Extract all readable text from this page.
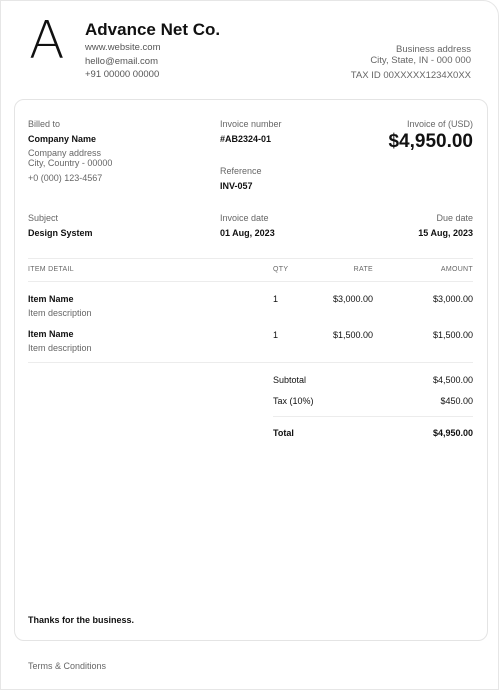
A Advance Net Co.
www.website.com
hello@email.com
+91 00000 00000
Business address
City, State, IN - 000 000
TAX ID 00XXXXX1234X0XX
Billed to
Company Name
Company address
City, Country - 00000
+0 (000) 123-4567
Invoice number
#AB2324-01
Reference
INV-057
Invoice of (USD)
$4,950.00
Subject
Design System
Invoice date
01 Aug, 2023
Due date
15 Aug, 2023
ITEM DETAIL	QTY	RATE	AMOUNT
Item Name
Item description
1	$3,000.00	$3,000.00
Item Name
Item description
1	$1,500.00	$1,500.00
Subtotal	$4,500.00
Tax (10%)	$450.00
Total	$4,950.00
Thanks for the business.
Terms & Conditions
